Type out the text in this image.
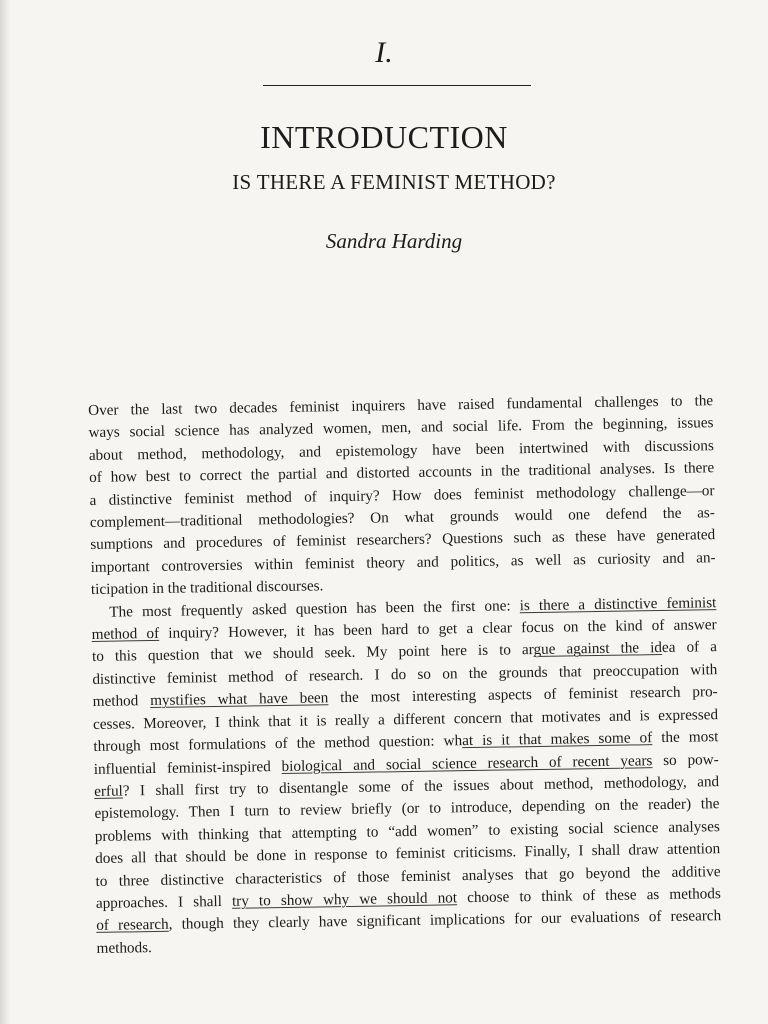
I.
INTRODUCTION
IS THERE A FEMINIST METHOD?
Sandra Harding
Over the last two decades feminist inquirers have raised fundamental challenges to the
ways social science has analyzed women, men, and social life. From the beginning, issues
about method, methodology, and epistemology have been intertwined with discussions
of how best to correct the partial and distorted accounts in the traditional analyses. Is there
a distinctive feminist method of inquiry? How does feminist methodology challenge—or
complement—traditional methodologies? On what grounds would one defend the as-
sumptions and procedures of feminist researchers? Questions such as these have generated
important controversies within feminist theory and politics, as well as curiosity and an-
ticipation in the traditional discourses.
The most frequently asked question has been the first one: is there a distinctive feminist
method of inquiry? However, it has been hard to get a clear focus on the kind of answer
to this question that we should seek. My point here is to argue against the idea of a
distinctive feminist method of research. I do so on the grounds that preoccupation with
method mystifies what have been the most interesting aspects of feminist research pro-
cesses. Moreover, I think that it is really a different concern that motivates and is expressed
through most formulations of the method question: what is it that makes some of the most
influential feminist-inspired biological and social science research of recent years so pow-
erful? I shall first try to disentangle some of the issues about method, methodology, and
epistemology. Then I turn to review briefly (or to introduce, depending on the reader) the
problems with thinking that attempting to “add women” to existing social science analyses
does all that should be done in response to feminist criticisms. Finally, I shall draw attention
to three distinctive characteristics of those feminist analyses that go beyond the additive
approaches. I shall try to show why we should not choose to think of these as methods
of research, though they clearly have significant implications for our evaluations of research
methods.
